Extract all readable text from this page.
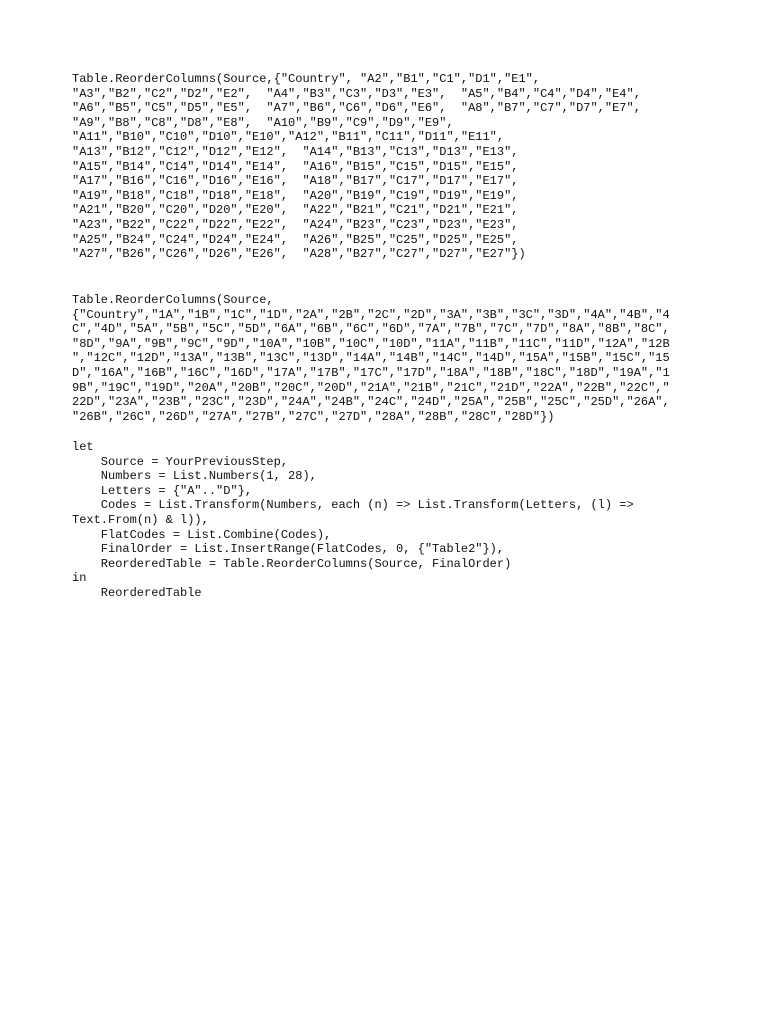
Table.ReorderColumns(Source,{"Country", "A2","B1","C1","D1","E1",
"A3","B2","C2","D2","E2",  "A4","B3","C3","D3","E3",  "A5","B4","C4","D4","E4",
"A6","B5","C5","D5","E5",  "A7","B6","C6","D6","E6",  "A8","B7","C7","D7","E7",
"A9","B8","C8","D8","E8",  "A10","B9","C9","D9","E9",
"A11","B10","C10","D10","E10","A12","B11","C11","D11","E11",
"A13","B12","C12","D12","E12",  "A14","B13","C13","D13","E13",
"A15","B14","C14","D14","E14",  "A16","B15","C15","D15","E15",
"A17","B16","C16","D16","E16",  "A18","B17","C17","D17","E17",
"A19","B18","C18","D18","E18",  "A20","B19","C19","D19","E19",
"A21","B20","C20","D20","E20",  "A22","B21","C21","D21","E21",
"A23","B22","C22","D22","E22",  "A24","B23","C23","D23","E23",
"A25","B24","C24","D24","E24",  "A26","B25","C25","D25","E25",
"A27","B26","C26","D26","E26",  "A28","B27","C27","D27","E27"})
Table.ReorderColumns(Source,
{"Country","1A","1B","1C","1D","2A","2B","2C","2D","3A","3B","3C","3D","4A","4B","4
C","4D","5A","5B","5C","5D","6A","6B","6C","6D","7A","7B","7C","7D","8A","8B","8C",
"8D","9A","9B","9C","9D","10A","10B","10C","10D","11A","11B","11C","11D","12A","12B
","12C","12D","13A","13B","13C","13D","14A","14B","14C","14D","15A","15B","15C","15
D","16A","16B","16C","16D","17A","17B","17C","17D","18A","18B","18C","18D","19A","1
9B","19C","19D","20A","20B","20C","20D","21A","21B","21C","21D","22A","22B","22C","
22D","23A","23B","23C","23D","24A","24B","24C","24D","25A","25B","25C","25D","26A",
"26B","26C","26D","27A","27B","27C","27D","28A","28B","28C","28D"})
let
Source = YourPreviousStep,
Numbers = List.Numbers(1, 28),
Letters = {"A".."D"},
Codes = List.Transform(Numbers, each (n) => List.Transform(Letters, (l) =>
Text.From(n) & l)),
FlatCodes = List.Combine(Codes),
FinalOrder = List.InsertRange(FlatCodes, 0, {"Table2"}),
ReorderedTable = Table.ReorderColumns(Source, FinalOrder)
in
ReorderedTable
